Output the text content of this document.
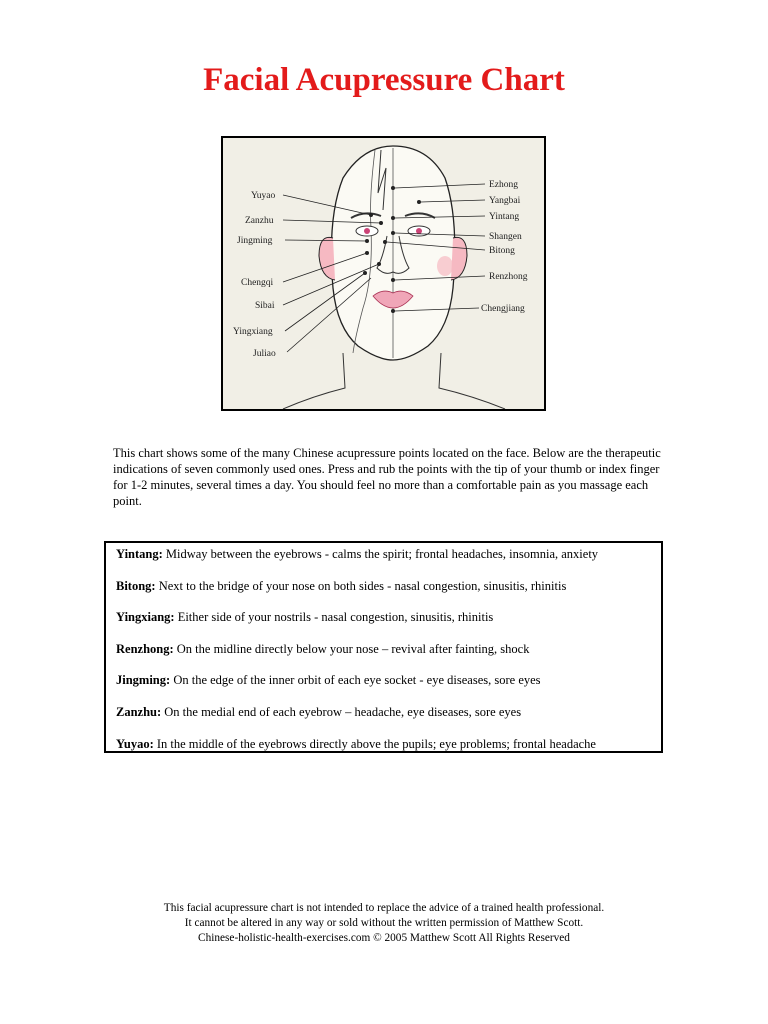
Facial Acupressure Chart
Yuyao
Zanzhu
Jingming
Chengqi
Sibai
Yingxiang
Juliao
Ezhong
Yangbai
Yintang
Shangen
Bitong
Renzhong
Chengjiang

This chart shows some of the many Chinese acupressure points located on the face. Below are the therapeutic indications of seven commonly used ones. Press and rub the points with the tip of your thumb or index finger for 1-2 minutes, several times a day. You should feel no more than a comfortable pain as you massage each point.

Yintang: Midway between the eyebrows - calms the spirit; frontal headaches, insomnia, anxiety
Bitong: Next to the bridge of your nose on both sides - nasal congestion, sinusitis, rhinitis
Yingxiang: Either side of your nostrils - nasal congestion, sinusitis, rhinitis
Renzhong: On the midline directly below your nose – revival after fainting, shock
Jingming: On the edge of the inner orbit of each eye socket - eye diseases, sore eyes
Zanzhu: On the medial end of each eyebrow – headache, eye diseases, sore eyes
Yuyao: In the middle of the eyebrows directly above the pupils; eye problems; frontal headache
This facial acupressure chart is not intended to replace the advice of a trained health professional.
It cannot be altered in any way or sold without the written permission of Matthew Scott.
Chinese-holistic-health-exercises.com © 2005 Matthew Scott All Rights Reserved
